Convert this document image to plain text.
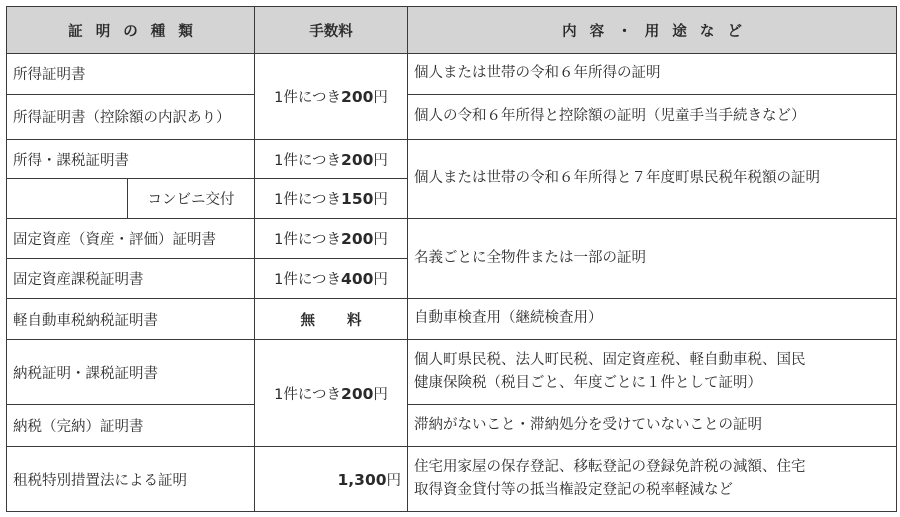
証明の種類		手数料	内容・用途など
所得証明書		1件につき200円	個人または世帯の令和６年所得の証明
所得証明書（控除額の内訳あり）			個人の令和６年所得と控除額の証明（児童手当手続きなど）
所得・課税証明書		1件につき200円	個人または世帯の令和６年所得と７年度町県民税年税額の証明
	コンビニ交付	1件につき150円	
固定資産（資産・評価）証明書		1件につき200円	名義ごとに全物件または一部の証明
固定資産課税証明書		1件につき400円	
軽自動車税納税証明書		無料	自動車検査用（継続検査用）
納税証明・課税証明書		1件につき200円	個人町県民税、法人町民税、固定資産税、軽自動車税、国民
健康保険税（税目ごと、年度ごとに１件として証明）
納税（完納）証明書			滞納がないこと・滞納処分を受けていないことの証明
租税特別措置法による証明		1,300円	住宅用家屋の保存登記、移転登記の登録免許税の減額、住宅
取得資金貸付等の抵当権設定登記の税率軽減など
